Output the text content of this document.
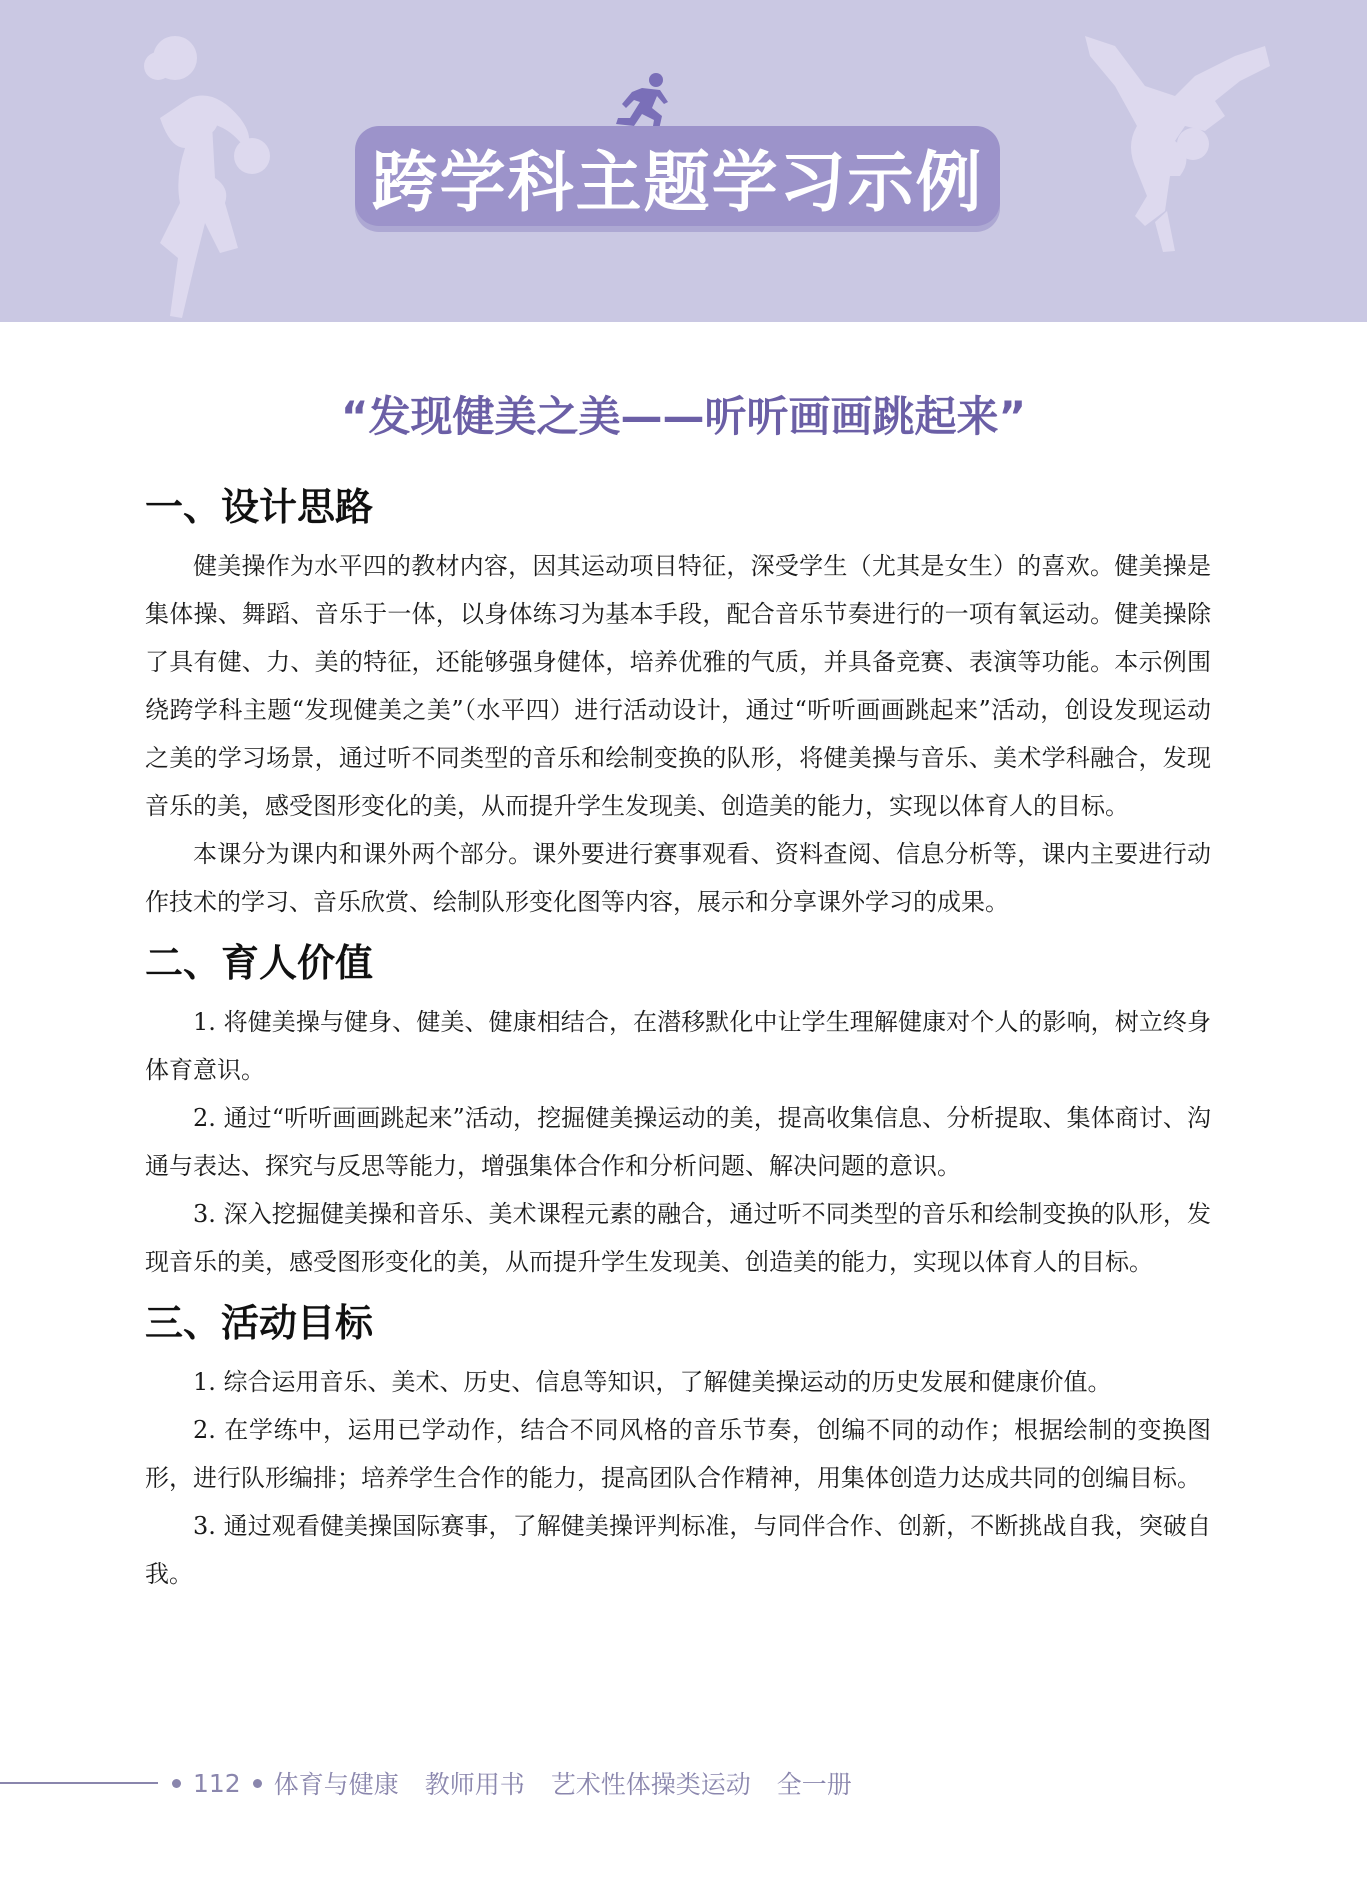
跨学科主题学习示例
“发现健美之美——听听画画跳起来”
一、设计思路

健美操作为水平四的教材内容，因其运动项目特征，深受学生（尤其是女生）的喜欢。健美操是集体操、舞蹈、音乐于一体，以身体练习为基本手段，配合音乐节奏进行的一项有氧运动。健美操除了具有健、力、美的特征，还能够强身健体，培养优雅的气质，并具备竞赛、表演等功能。本示例围绕跨学科主题“发现健美之美”（水平四）进行活动设计，通过“听听画画跳起来”活动，创设发现运动之美的学习场景，通过听不同类型的音乐和绘制变换的队形，将健美操与音乐、美术学科融合，发现音乐的美，感受图形变化的美，从而提升学生发现美、创造美的能力，实现以体育人的目标。

本课分为课内和课外两个部分。课外要进行赛事观看、资料查阅、信息分析等，课内主要进行动作技术的学习、音乐欣赏、绘制队形变化图等内容，展示和分享课外学习的成果。

二、育人价值

1. 将健美操与健身、健美、健康相结合，在潜移默化中让学生理解健康对个人的影响，树立终身体育意识。

2. 通过“听听画画跳起来”活动，挖掘健美操运动的美，提高收集信息、分析提取、集体商讨、沟通与表达、探究与反思等能力，增强集体合作和分析问题、解决问题的意识。

3. 深入挖掘健美操和音乐、美术课程元素的融合，通过听不同类型的音乐和绘制变换的队形，发现音乐的美，感受图形变化的美，从而提升学生发现美、创造美的能力，实现以体育人的目标。

三、活动目标

1. 综合运用音乐、美术、历史、信息等知识，了解健美操运动的历史发展和健康价值。

2. 在学练中，运用已学动作，结合不同风格的音乐节奏，创编不同的动作；根据绘制的变换图形，进行队形编排；培养学生合作的能力，提高团队合作精神，用集体创造力达成共同的创编目标。

3. 通过观看健美操国际赛事，了解健美操评判标准，与同伴合作、创新，不断挑战自我，突破自我。

112 体育与健康 教师用书 艺术性体操类运动 全一册
